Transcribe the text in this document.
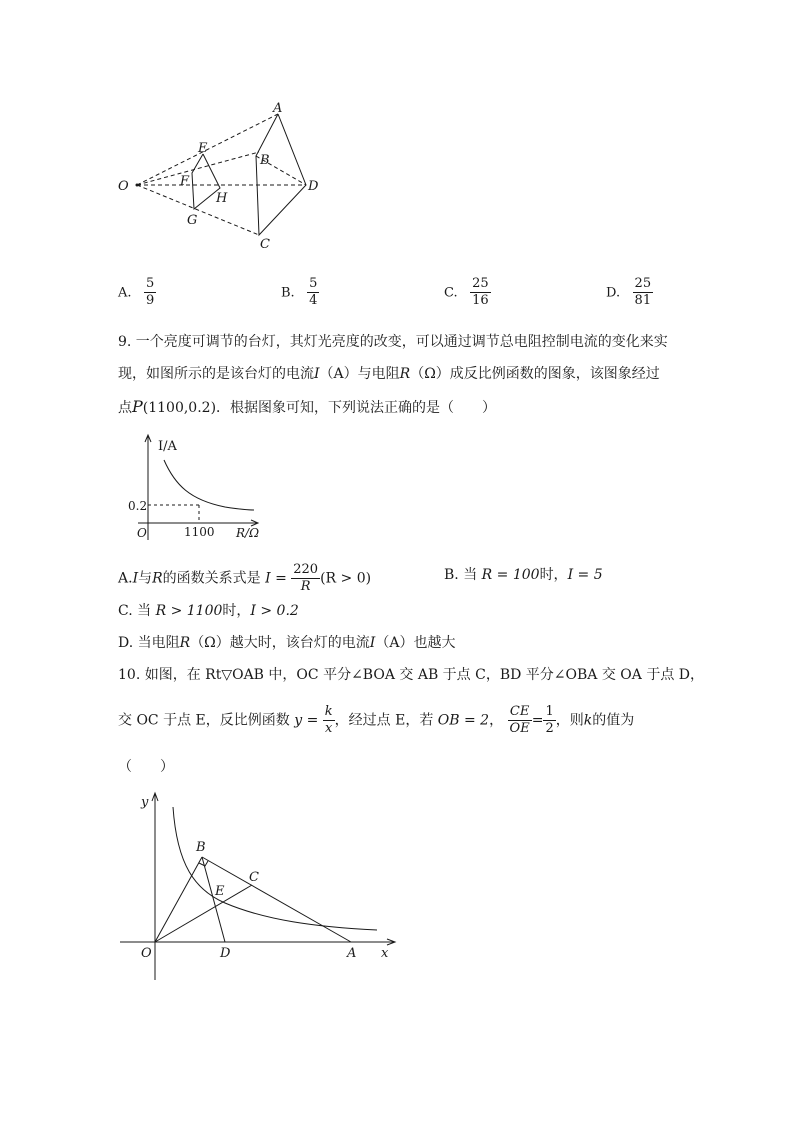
O
A
B
C
D
E
F
G
H
A. $\frac{5}{9}$	B. $\frac{5}{4}$	C. $\frac{25}{16}$	D. $\frac{25}{81}$
9. 一个亮度可调节的台灯，其灯光亮度的改变，可以通过调节总电阻控制电流的变化来实
现，如图所示的是该台灯的电流I（A）与电阻R（Ω）成反比例函数的图象，该图象经过
点P(1100,0.2)．根据图象可知，下列说法正确的是（　　）
I/A
R/Ω
O
0.2
1100
A.I与R的函数关系式是 $I = \frac{220}{R} (R > 0)$	B. 当 R = 100时，I = 5
C. 当 R > 1100时，I > 0.2
D. 当电阻R（Ω）越大时，该台灯的电流I（A）也越大
10. 如图，在 Rt▽OAB 中，OC 平分∠BOA 交 AB 于点 C，BD 平分∠OBA 交 OA 于点 D，
交 OC 于点 E，反比例函数 $y = \frac{k}{x}$ ，经过点 E，若 OB = 2， $\frac{CE}{OE} = \frac{1}{2}$ ，则k的值为
（　　）
y
x
O	A
B
C
D
E
